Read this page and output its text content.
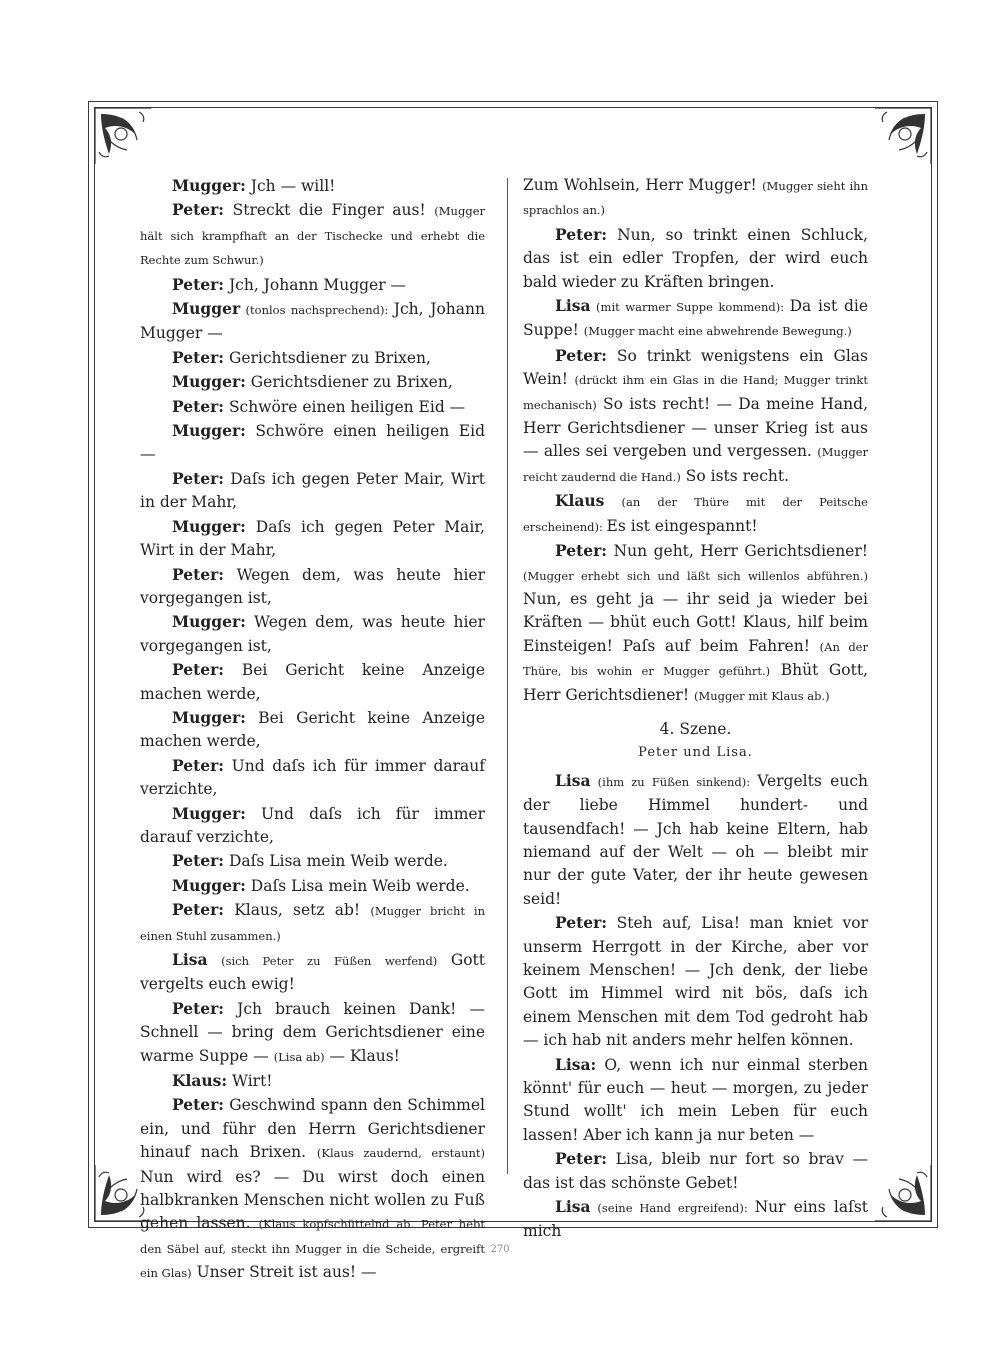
Mugger: Jch — will!

Peter: Streckt die Finger aus! (Mugger hält sich krampfhaft an der Tischecke und erhebt die Rechte zum Schwur.)

Peter: Jch, Johann Mugger —

Mugger (tonlos nachsprechend): Jch, Johann Mugger —

Peter: Gerichtsdiener zu Brixen,

Mugger: Gerichtsdiener zu Brixen,

Peter: Schwöre einen heiligen Eid —

Mugger: Schwöre einen heiligen Eid —

Peter: Daſs ich gegen Peter Mair, Wirt in der Mahr,

Mugger: Daſs ich gegen Peter Mair, Wirt in der Mahr,

Peter: Wegen dem, was heute hier vorgegangen ist,

Mugger: Wegen dem, was heute hier vorgegangen ist,

Peter: Bei Gericht keine Anzeige machen werde,

Mugger: Bei Gericht keine Anzeige machen werde,

Peter: Und daſs ich für immer darauf verzichte,

Mugger: Und daſs ich für immer darauf verzichte,

Peter: Daſs Lisa mein Weib werde.

Mugger: Daſs Lisa mein Weib werde.

Peter: Klaus, setz ab! (Mugger bricht in einen Stuhl zusammen.)

Lisa (sich Peter zu Füßen werfend) Gott vergelts euch ewig!

Peter: Jch brauch keinen Dank! — Schnell — bring dem Gerichtsdiener eine warme Suppe — (Lisa ab) — Klaus!

Klaus: Wirt!

Peter: Geschwind spann den Schimmel ein, und führ den Herrn Gerichtsdiener hinauf nach Brixen. (Klaus zaudernd, erstaunt) Nun wird es? — Du wirst doch einen halbkranken Menschen nicht wollen zu Fuß gehen lassen. (Klaus kopfschüttelnd ab. Peter hebt den Säbel auf, steckt ihn Mugger in die Scheide, ergreift ein Glas) Unser Streit ist aus! —

Zum Wohlsein, Herr Mugger! (Mugger sieht ihn sprachlos an.)

Peter: Nun, so trinkt einen Schluck, das ist ein edler Tropfen, der wird euch bald wieder zu Kräften bringen.

Lisa (mit warmer Suppe kommend): Da ist die Suppe! (Mugger macht eine abwehrende Bewegung.)

Peter: So trinkt wenigstens ein Glas Wein! (drückt ihm ein Glas in die Hand; Mugger trinkt mechanisch) So ists recht! — Da meine Hand, Herr Gerichtsdiener — unser Krieg ist aus — alles sei vergeben und vergessen. (Mugger reicht zaudernd die Hand.) So ists recht.

Klaus (an der Thüre mit der Peitsche erscheinend): Es ist eingespannt!

Peter: Nun geht, Herr Gerichtsdiener! (Mugger erhebt sich und läßt sich willenlos abführen.) Nun, es geht ja — ihr seid ja wieder bei Kräften — bhüt euch Gott! Klaus, hilf beim Einsteigen! Paſs auf beim Fahren! (An der Thüre, bis wohin er Mugger geführt.) Bhüt Gott, Herr Gerichtsdiener! (Mugger mit Klaus ab.)

4. Szene.

Peter und Lisa.

Lisa (ihm zu Füßen sinkend): Vergelts euch der liebe Himmel hundert- und tausendfach! — Jch hab keine Eltern, hab niemand auf der Welt — oh — bleibt mir nur der gute Vater, der ihr heute gewesen seid!

Peter: Steh auf, Lisa! man kniet vor unserm Herrgott in der Kirche, aber vor keinem Menschen! — Jch denk, der liebe Gott im Himmel wird nit bös, daſs ich einem Menschen mit dem Tod gedroht hab — ich hab nit anders mehr helfen können.

Lisa: O, wenn ich nur einmal sterben könnt' für euch — heut — morgen, zu jeder Stund wollt' ich mein Leben für euch lassen! Aber ich kann ja nur beten —

Peter: Lisa, bleib nur fort so brav — das ist das schönste Gebet!

Lisa (seine Hand ergreifend): Nur eins laſst mich

270
